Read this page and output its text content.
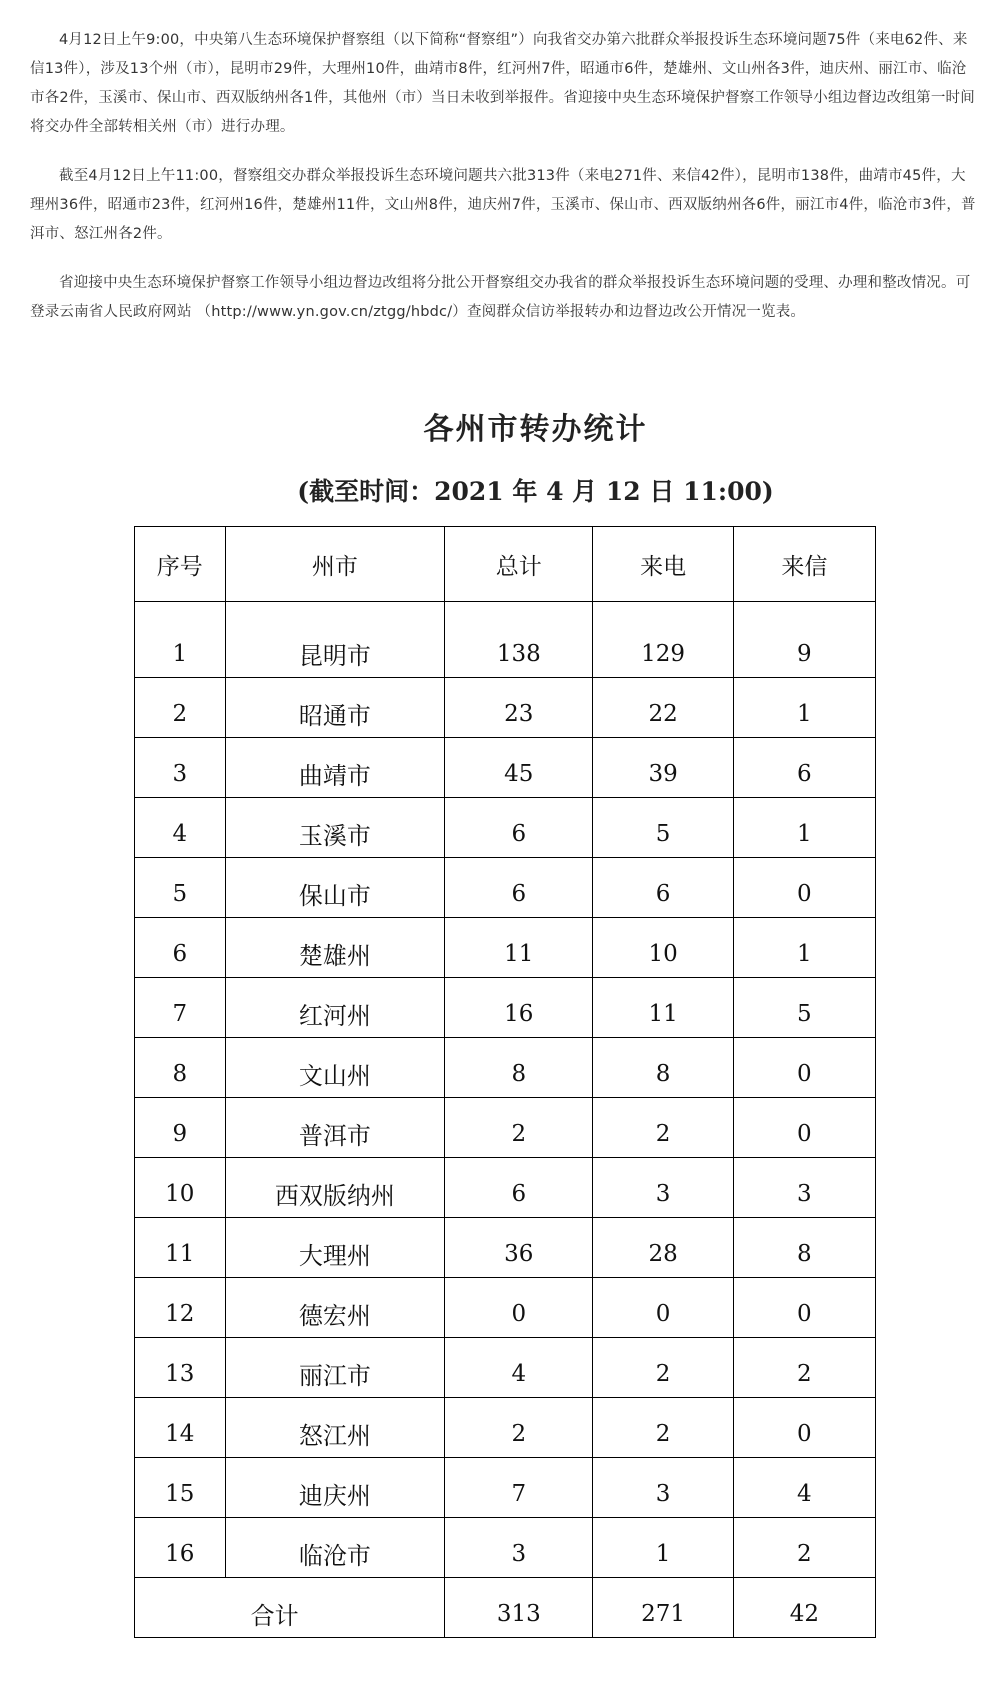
4月12日上午9:00，中央第八生态环境保护督察组（以下简称“督察组”）向我省交办第六批群众举报投诉生态环境问题75件（来电62件、来信13件），涉及13个州（市），昆明市29件，大理州10件，曲靖市8件，红河州7件，昭通市6件，楚雄州、文山州各3件，迪庆州、丽江市、临沧市各2件，玉溪市、保山市、西双版纳州各1件，其他州（市）当日未收到举报件。省迎接中央生态环境保护督察工作领导小组边督边改组第一时间将交办件全部转相关州（市）进行办理。

截至4月12日上午11:00，督察组交办群众举报投诉生态环境问题共六批313件（来电271件、来信42件），昆明市138件，曲靖市45件，大理州36件，昭通市23件，红河州16件，楚雄州11件，文山州8件，迪庆州7件，玉溪市、保山市、西双版纳州各6件，丽江市4件，临沧市3件，普洱市、怒江州各2件。

省迎接中央生态环境保护督察工作领导小组边督边改组将分批公开督察组交办我省的群众举报投诉生态环境问题的受理、办理和整改情况。可登录云南省人民政府网站 （http://www.yn.gov.cn/ztgg/hbdc/）查阅群众信访举报转办和边督边改公开情况一览表。

各州市转办统计
(截至时间：2021 年 4 月 12 日 11:00)
序号	州市	总计	来电	来信
1	昆明市	138	129	9
2	昭通市	23	22	1
3	曲靖市	45	39	6
4	玉溪市	6	5	1
5	保山市	6	6	0
6	楚雄州	11	10	1
7	红河州	16	11	5
8	文山州	8	8	0
9	普洱市	2	2	0
10	西双版纳州	6	3	3
11	大理州	36	28	8
12	德宏州	0	0	0
13	丽江市	4	2	2
14	怒江州	2	2	0
15	迪庆州	7	3	4
16	临沧市	3	1	2
合计		313	271	42
